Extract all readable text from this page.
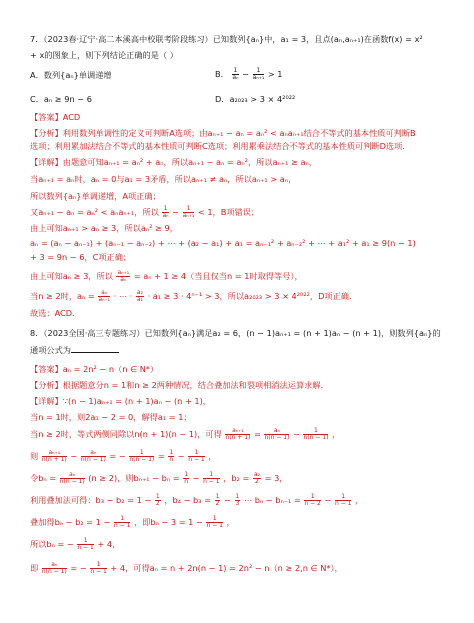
7．（2023春·辽宁·高二本溪高中校联考阶段练习）已知数列{aₙ}中，a₁ = 3，且点(aₙ,aₙ₊₁)在函数f(x) = x²
+ x的图象上，则下列结论正确的是（ ）
A．数列{aₙ}单调递增	B． $\frac{1}{\text{aₙ}} - \frac{1}{\text{aₙ₊₁}} > 1$
C．aₙ ≥ 9n − 6	D．a₂₀₂₃ > 3 × 4²⁰²²
【答案】ACD
【分析】利用数列单调性的定义可判断A选项；由aₙ₊₁ − aₙ = aₙ² < aₙaₙ₊₁结合不等式的基本性质可判断B
选项；利用累加法结合不等式的基本性质可判断C选项；利用累乘法结合不等式的基本性质可判断D选项.
【详解】由题意可知aₙ₊₁ = aₙ² + aₙ，所以aₙ₊₁ − aₙ = aₙ²，所以aₙ₊₁ ≥ aₙ，
当aₙ₊₁ = aₙ时，aₙ = 0与a₁ = 3矛盾，所以aₙ₊₁ ≠ aₙ，所以aₙ₊₁ > aₙ，
所以数列{aₙ}单调递增，A项正确；
又aₙ₊₁ − aₙ = aₙ² < aₙaₙ₊₁，所以 $\frac{1}{\text{aₙ}} - \frac{1}{\text{aₙ₊₁}} < 1$，B项错误；
由上可知aₙ₊₁ > aₙ ≥ 3，所以aₙ² ≥ 9，
aₙ = (aₙ − aₙ₋₁) + (aₙ₋₁ − aₙ₋₂) + ⋯ + (a₂ − a₁) + a₁ = aₙ₋₁² + aₙ₋₂² + ⋯ + a₁² + a₁ ≥ 9(n − 1)
+ 3 = 9n − 6，C项正确；
由上可知aₙ ≥ 3，所以 $\frac{\text{aₙ₊₁}}{\text{aₙ}} = a_n + 1 \ge 4$（当且仅当n = 1时取得等号），
当n ≥ 2时，$a_n = \frac{\text{aₙ}}{\text{aₙ₋₁}}$ · ⋯ · $\frac{\text{a₂}}{\text{a₁}} \cdot a_1 \ge 3 \cdot 4^{n-1} > 3$，所以a₂₀₂₃ > 3 × 4²⁰²²，D项正确.
故选：ACD.
8．（2023全国·高三专题练习）已知数列{aₙ}满足a₂ = 6，(n − 1)aₙ₊₁ = (n + 1)aₙ − (n + 1)，则数列{aₙ}的
通项公式为
【答案】aₙ = 2n² − n（n ∈ N*）
【分析】根据题意分n = 1和n ≥ 2两种情况，结合叠加法和裂项相消法运算求解.
【详解】∵(n − 1)aₙ₊₁ = (n + 1)aₙ − (n + 1)，
当n = 1时，则2a₁ − 2 = 0，解得a₁ = 1；
当n ≥ 2时，等式两侧同除以n(n + 1)(n − 1)，可得 $\frac{\text{aₙ₊₁}}{n(n + 1)} = \frac{\text{aₙ}}{n(n - 1)} - \frac{1}{n(n - 1)}$ ，
则 $\frac{\text{aₙ₊₁}}{n(n + 1)} - \frac{\text{aₙ}}{n(n - 1)}$ = − $\frac{1}{n(n - 1)} = \frac{1}{n} - \frac{1}{n - 1}$ ，
令$b_n = \frac{\text{aₙ}}{n(n - 1)} (n \ge 2)$，则$b_{n+1} - b_n = \frac{1}{n} - \frac{1}{n - 1}$ ，$b_2 = \frac{\text{a₂}}{2} = 3$，
利用叠加法可得：$b_3 - b_2 = 1 - \frac{1}{2}$ ，$b_4 - b_3 = \frac{1}{2} - \frac{1}{3}$ ⋯ $b_n - b_{n-1} = \frac{1}{n - 2} - \frac{1}{n - 1}$ ，
叠加得$b_n - b_2 = 1 - \frac{1}{n - 1}$ ，即$b_n - 3 = 1 - \frac{1}{n - 1}$ ，
所以bₙ = − $\frac{1}{n - 1} + 4$，
即 $\frac{\text{aₙ}}{n(n - 1)}$ = − $\frac{1}{n - 1} + 4$，可得aₙ = n + 2n(n − 1) = 2n² − n（n ≥ 2,n ∈ N*），
